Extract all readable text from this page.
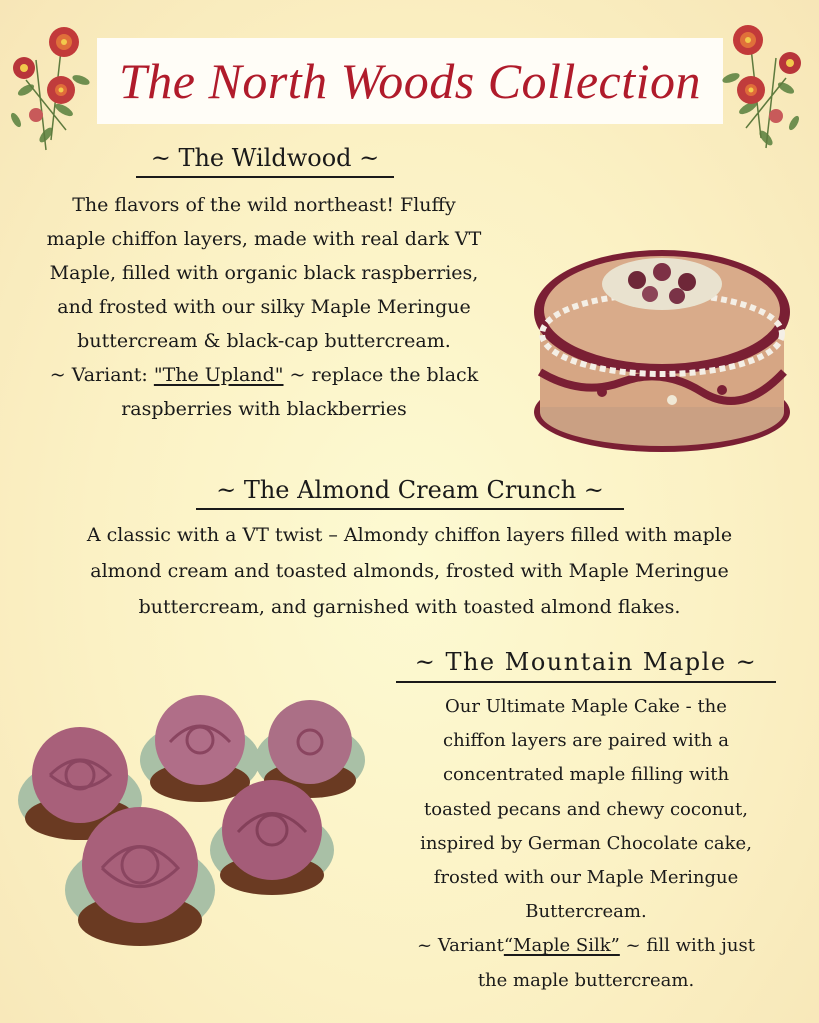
The North Woods Collection
~ The Wildwood ~
The flavors of the wild northeast! Fluffy
maple chiffon layers, made with real dark VT
Maple, filled with organic black raspberries,
and frosted with our silky Maple Meringue
buttercream & black-cap buttercream.
~ Variant: "The Upland" ~ replace the black
raspberries with blackberries
~ The Almond Cream Crunch ~
A classic with a VT twist – Almondy chiffon layers filled with maple
almond cream and toasted almonds, frosted with Maple Meringue
buttercream, and garnished with toasted almond flakes.
~ The Mountain Maple ~
Our Ultimate Maple Cake - the
chiffon layers are paired with a
concentrated maple filling with
toasted pecans and chewy coconut,
inspired by German Chocolate cake,
frosted with our Maple Meringue
Buttercream.
~ Variant“Maple Silk” ~ fill with just
the maple buttercream.
